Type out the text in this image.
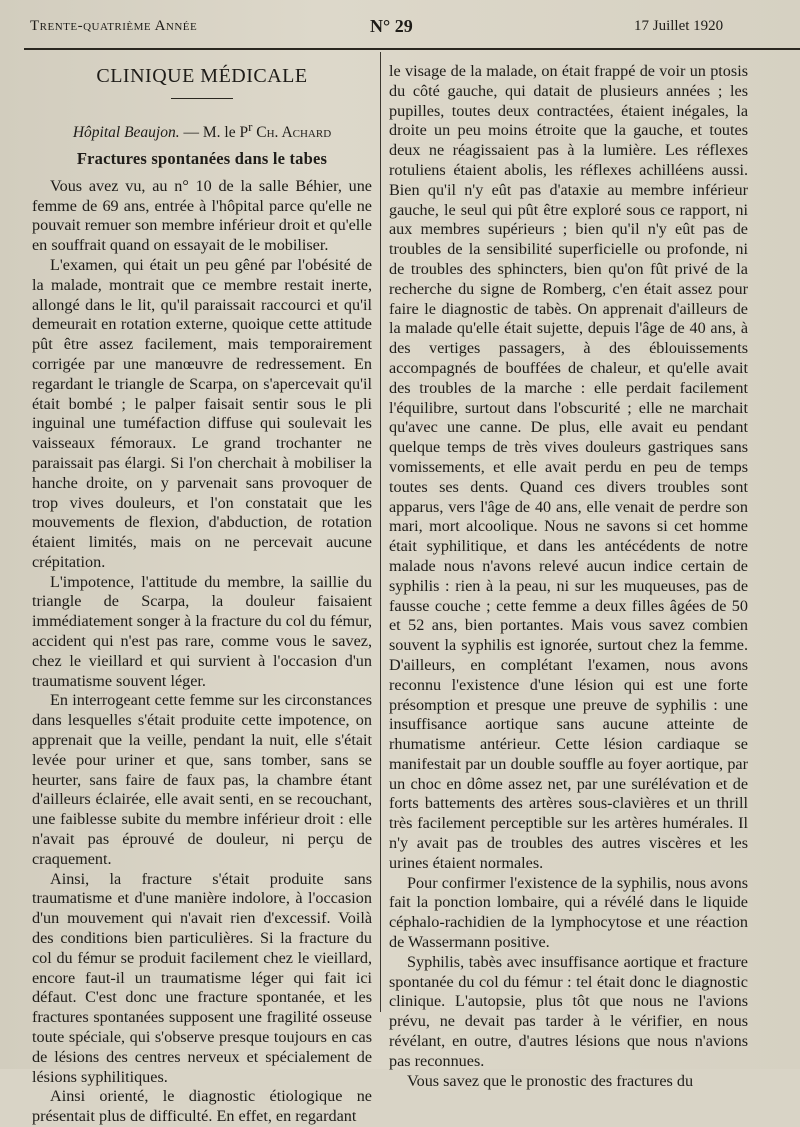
Trente-quatrième Année	N° 29	17 Juillet 1920
CLINIQUE MÉDICALE
Hôpital Beaujon. — M. le $P^r$ Ch. Achard
Fractures spontanées dans le tabes

Vous avez vu, au n° 10 de la salle Béhier, une femme de 69 ans, entrée à l'hôpital parce qu'elle ne pouvait remuer son membre inférieur droit et qu'elle en souffrait quand on essayait de le mobiliser.

L'examen, qui était un peu gêné par l'obésité de la malade, montrait que ce membre restait inerte, allongé dans le lit, qu'il paraissait raccourci et qu'il demeurait en rotation externe, quoique cette attitude pût être assez facilement, mais temporairement corrigée par une manœuvre de redressement. En regardant le triangle de Scarpa, on s'apercevait qu'il était bombé ; le palper faisait sentir sous le pli inguinal une tuméfaction diffuse qui soulevait les vaisseaux fémoraux. Le grand trochanter ne paraissait pas élargi. Si l'on cherchait à mobiliser la hanche droite, on y parvenait sans provoquer de trop vives douleurs, et l'on constatait que les mouvements de flexion, d'abduction, de rotation étaient limités, mais on ne percevait aucune crépitation.

L'impotence, l'attitude du membre, la saillie du triangle de Scarpa, la douleur faisaient immédiatement songer à la fracture du col du fémur, accident qui n'est pas rare, comme vous le savez, chez le vieillard et qui survient à l'occasion d'un traumatisme souvent léger.

En interrogeant cette femme sur les circonstances dans lesquelles s'était produite cette impotence, on apprenait que la veille, pendant la nuit, elle s'était levée pour uriner et que, sans tomber, sans se heurter, sans faire de faux pas, la chambre étant d'ailleurs éclairée, elle avait senti, en se recouchant, une faiblesse subite du membre inférieur droit : elle n'avait pas éprouvé de douleur, ni perçu de craquement.

Ainsi, la fracture s'était produite sans traumatisme et d'une manière indolore, à l'occasion d'un mouvement qui n'avait rien d'excessif. Voilà des conditions bien particulières. Si la fracture du col du fémur se produit facilement chez le vieillard, encore faut-il un traumatisme léger qui fait ici défaut. C'est donc une fracture spontanée, et les fractures spontanées supposent une fragilité osseuse toute spéciale, qui s'observe presque toujours en cas de lésions des centres nerveux et spécialement de lésions syphilitiques.

Ainsi orienté, le diagnostic étiologique ne présentait plus de difficulté. En effet, en regardant

le visage de la malade, on était frappé de voir un ptosis du côté gauche, qui datait de plusieurs années ; les pupilles, toutes deux contractées, étaient inégales, la droite un peu moins étroite que la gauche, et toutes deux ne réagissaient pas à la lumière. Les réflexes rotuliens étaient abolis, les réflexes achilléens aussi. Bien qu'il n'y eût pas d'ataxie au membre inférieur gauche, le seul qui pût être exploré sous ce rapport, ni aux membres supérieurs ; bien qu'il n'y eût pas de troubles de la sensibilité superficielle ou profonde, ni de troubles des sphincters, bien qu'on fût privé de la recherche du signe de Romberg, c'en était assez pour faire le diagnostic de tabès. On apprenait d'ailleurs de la malade qu'elle était sujette, depuis l'âge de 40 ans, à des vertiges passagers, à des éblouissements accompagnés de bouffées de chaleur, et qu'elle avait des troubles de la marche : elle perdait facilement l'équilibre, surtout dans l'obscurité ; elle ne marchait qu'avec une canne. De plus, elle avait eu pendant quelque temps de très vives douleurs gastriques sans vomissements, et elle avait perdu en peu de temps toutes ses dents. Quand ces divers troubles sont apparus, vers l'âge de 40 ans, elle venait de perdre son mari, mort alcoolique. Nous ne savons si cet homme était syphilitique, et dans les antécédents de notre malade nous n'avons relevé aucun indice certain de syphilis : rien à la peau, ni sur les muqueuses, pas de fausse couche ; cette femme a deux filles âgées de 50 et 52 ans, bien portantes. Mais vous savez combien souvent la syphilis est ignorée, surtout chez la femme. D'ailleurs, en complétant l'examen, nous avons reconnu l'existence d'une lésion qui est une forte présomption et presque une preuve de syphilis : une insuffisance aortique sans aucune atteinte de rhumatisme antérieur. Cette lésion cardiaque se manifestait par un double souffle au foyer aortique, par un choc en dôme assez net, par une surélévation et de forts battements des artères sous-clavières et un thrill très facilement perceptible sur les artères humérales. Il n'y avait pas de troubles des autres viscères et les urines étaient normales.

Pour confirmer l'existence de la syphilis, nous avons fait la ponction lombaire, qui a révélé dans le liquide céphalo-rachidien de la lymphocytose et une réaction de Wassermann positive.

Syphilis, tabès avec insuffisance aortique et fracture spontanée du col du fémur : tel était donc le diagnostic clinique. L'autopsie, plus tôt que nous ne l'avions prévu, ne devait pas tarder à le vérifier, en nous révélant, en outre, d'autres lésions que nous n'avions pas reconnues.

Vous savez que le pronostic des fractures du
